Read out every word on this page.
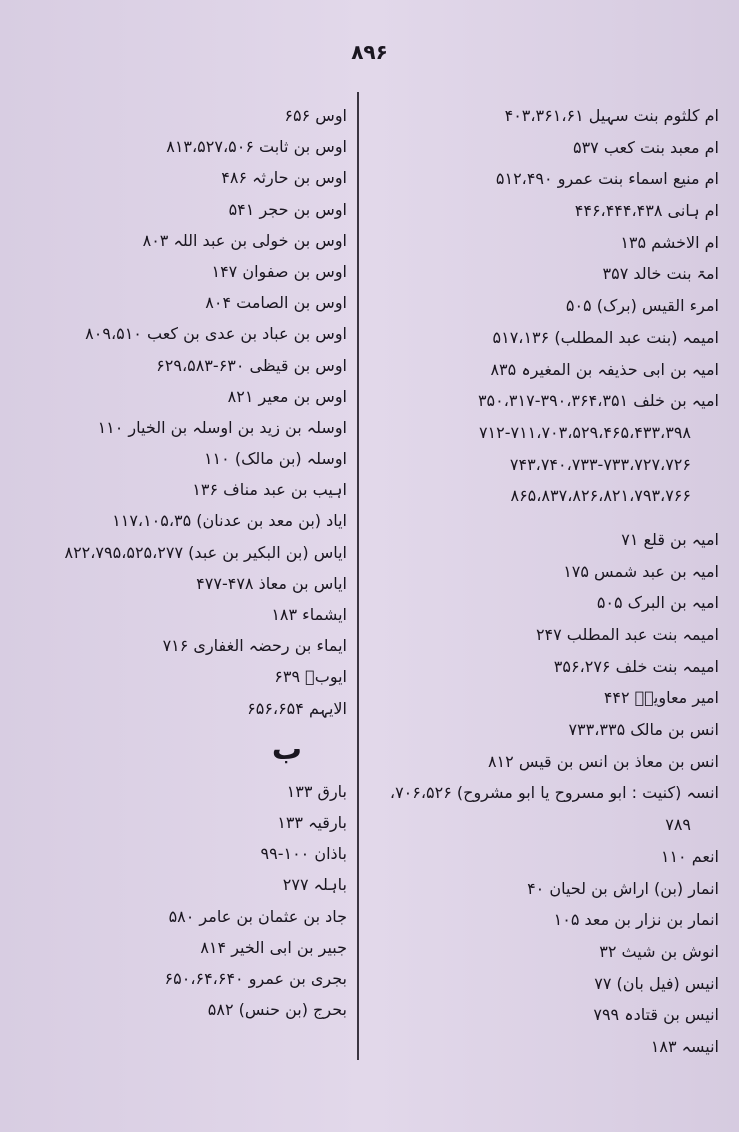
۸۹۶
ام کلثوم بنت سہیل ۴۰۳،۳۶۱،۶۱
ام معبد بنت کعب ۵۳۷
ام منیع اسماء بنت عمرو ۵۱۲،۴۹۰
ام ہانی ۴۴۶،۴۴۴،۴۳۸
ام الاخشم ۱۳۵
امۃ بنت خالد ۳۵۷
امرء القیس (برک) ۵۰۵
امیمہ (بنت عبد المطلب) ۵۱۷،۱۳۶
امیہ بن ابی حذیفہ بن المغیرہ ۸۳۵
امیہ بن خلف ۳۹۰،۳۶۴،۳۵۱-۳۵۰،۳۱۷
۷۱۲-۷۱۱،۷۰۳،۵۲۹،۴۶۵،۴۳۳،۳۹۸
۷۴۳،۷۴۰،۷۳۳-۷۳۳،۷۲۷،۷۲۶
۸۶۵،۸۳۷،۸۲۶،۸۲۱،۷۹۳،۷۶۶
امیہ بن قلع ۷۱
امیہ بن عبد شمس ۱۷۵
امیہ بن البرک ۵۰۵
امیمہ بنت عبد المطلب ۲۴۷
امیمہ بنت خلف ۳۵۶،۲۷۶
امیر معاویہؓ ۴۴۲
انس بن مالک ۷۳۳،۳۳۵
انس بن معاذ بن انس بن قیس ۸۱۲
انسہ (کنیت : ابو مسروح یا ابو مشروح) ۷۰۶،۵۲۶،
۷۸۹
انعم ۱۱۰
انمار (بن) اراش بن لحیان ۴۰
انمار بن نزار بن معد ۱۰۵
انوش بن شیث ۳۲
انیس (فیل بان) ۷۷
انیس بن قتادہ ۷۹۹
انیسہ ۱۸۳
اوس ۶۵۶
اوس بن ثابت ۸۱۳،۵۲۷،۵۰۶
اوس بن حارثہ ۴۸۶
اوس بن حجر ۵۴۱
اوس بن خولی بن عبد اللہ ۸۰۳
اوس بن صفوان ۱۴۷
اوس بن الصامت ۸۰۴
اوس بن عباد بن عدی بن کعب ۸۰۹،۵۱۰
اوس بن قیظی ۶۳۰-۶۲۹،۵۸۳
اوس بن معیر ۸۲۱
اوسلہ بن زید بن اوسلہ بن الخیار ۱۱۰
اوسلہ (بن مالک) ۱۱۰
اہیب بن عبد مناف ۱۳۶
ایاد (بن معد بن عدنان) ۱۱۷،۱۰۵،۳۵
ایاس (بن البکیر بن عبد) ۸۲۲،۷۹۵،۵۲۵،۲۷۷
ایاس بن معاذ ۴۷۸-۴۷۷
ایشماء ۱۸۳
ایماء بن رحضہ الغفاری ۷۱۶
ایوبؑ ۶۳۹
الایہم ۶۵۶،۶۵۴
ب
بارق ۱۳۳
بارقیہ ۱۳۳
باذان ۱۰۰-۹۹
باہلہ ۲۷۷
جاد بن عثمان بن عامر ۵۸۰
جبیر بن ابی الخیر ۸۱۴
بجری بن عمرو ۶۵۰،۶۴،۶۴۰
بحرج (بن حنس) ۵۸۲
